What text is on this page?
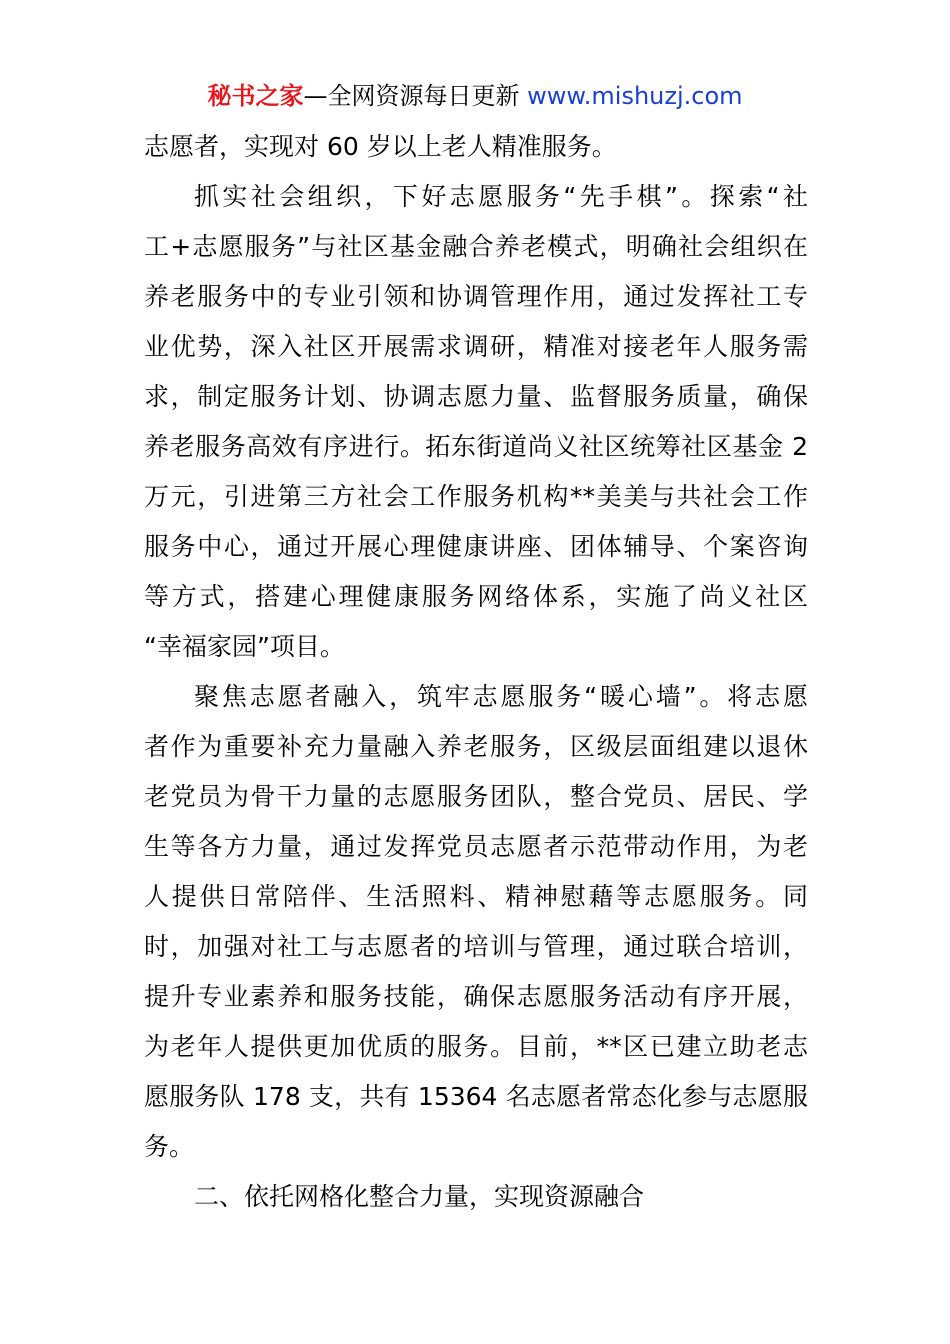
秘书之家—全网资源每日更新 www.mishuzj.com
志愿者，实现对 60 岁以上老人精准服务。
抓实社会组织，下好志愿服务“先手棋”。探索“社
工+志愿服务”与社区基金融合养老模式，明确社会组织在
养老服务中的专业引领和协调管理作用，通过发挥社工专
业优势，深入社区开展需求调研，精准对接老年人服务需
求，制定服务计划、协调志愿力量、监督服务质量，确保
养老服务高效有序进行。拓东街道尚义社区统筹社区基金 2
万元，引进第三方社会工作服务机构**美美与共社会工作
服务中心，通过开展心理健康讲座、团体辅导、个案咨询
等方式，搭建心理健康服务网络体系，实施了尚义社区
“幸福家园”项目。
聚焦志愿者融入，筑牢志愿服务“暖心墙”。将志愿
者作为重要补充力量融入养老服务，区级层面组建以退休
老党员为骨干力量的志愿服务团队，整合党员、居民、学
生等各方力量，通过发挥党员志愿者示范带动作用，为老
人提供日常陪伴、生活照料、精神慰藉等志愿服务。同
时，加强对社工与志愿者的培训与管理，通过联合培训，
提升专业素养和服务技能，确保志愿服务活动有序开展，
为老年人提供更加优质的服务。目前，**区已建立助老志
愿服务队 178 支，共有 15364 名志愿者常态化参与志愿服
务。
二、依托网格化整合力量，实现资源融合
